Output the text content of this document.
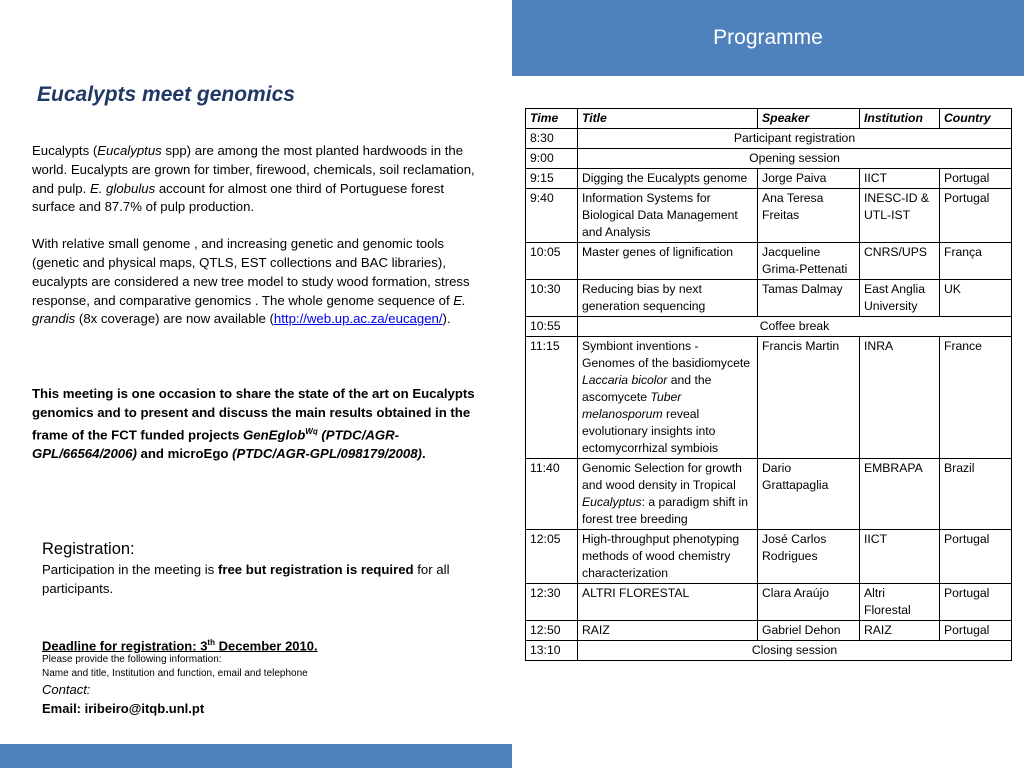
Programme
Eucalypts meet genomics

Eucalypts (Eucalyptus spp) are among the most planted hardwoods in the world. Eucalypts are grown for timber, firewood, chemicals, soil reclamation, and pulp. E. globulus account for almost one third of Portuguese forest surface and 87.7% of pulp production.

With relative small genome , and increasing genetic and genomic tools (genetic and physical maps, QTLS, EST collections and BAC libraries), eucalypts are considered a new tree model to study wood formation, stress response, and comparative genomics . The whole genome sequence of E. grandis (8x coverage) are now available (http://web.up.ac.za/eucagen/).

This meeting is one occasion to share the state of the art on Eucalypts genomics and to present and discuss the main results obtained in the frame of the FCT funded projects GenEglob$^{Wq}$ (PTDC/AGR-GPL/66564/2006) and microEgo (PTDC/AGR-GPL/098179/2008).

Registration:

Participation in the meeting is free but registration is required for all participants.

Deadline for registration: 3th December 2010.

Please provide the following information:

Name and title, Institution and function, email and telephone

Contact:

Email: iribeiro@itqb.unl.pt

Time	Title	Speaker	Institution	Country
8:30	Participant registration			
9:00	Opening session			
9:15	Digging the Eucalypts genome	Jorge Paiva	IICT	Portugal
9:40	Information Systems for Biological Data Management and Analysis	Ana Teresa Freitas	INESC-ID & UTL-IST	Portugal
10:05	Master genes of lignification	Jacqueline Grima-Pettenati	CNRS/UPS	França
10:30	Reducing bias by next generation sequencing	Tamas Dalmay	East Anglia University	UK
10:55	Coffee break			
11:15	Symbiont inventions - Genomes of the basidiomycete Laccaria bicolor and the ascomycete Tuber melanosporum reveal evolutionary insights into ectomycorrhizal symbiois	Francis Martin	INRA	France
11:40	Genomic Selection for growth and wood density in Tropical Eucalyptus: a paradigm shift in forest tree breeding	Dario Grattapaglia	EMBRAPA	Brazil
12:05	High-throughput phenotyping methods of wood chemistry characterization	José Carlos Rodrigues	IICT	Portugal
12:30	ALTRI FLORESTAL	Clara Araújo	Altri Florestal	Portugal
12:50	RAIZ	Gabriel Dehon	RAIZ	Portugal
13:10	Closing session			
